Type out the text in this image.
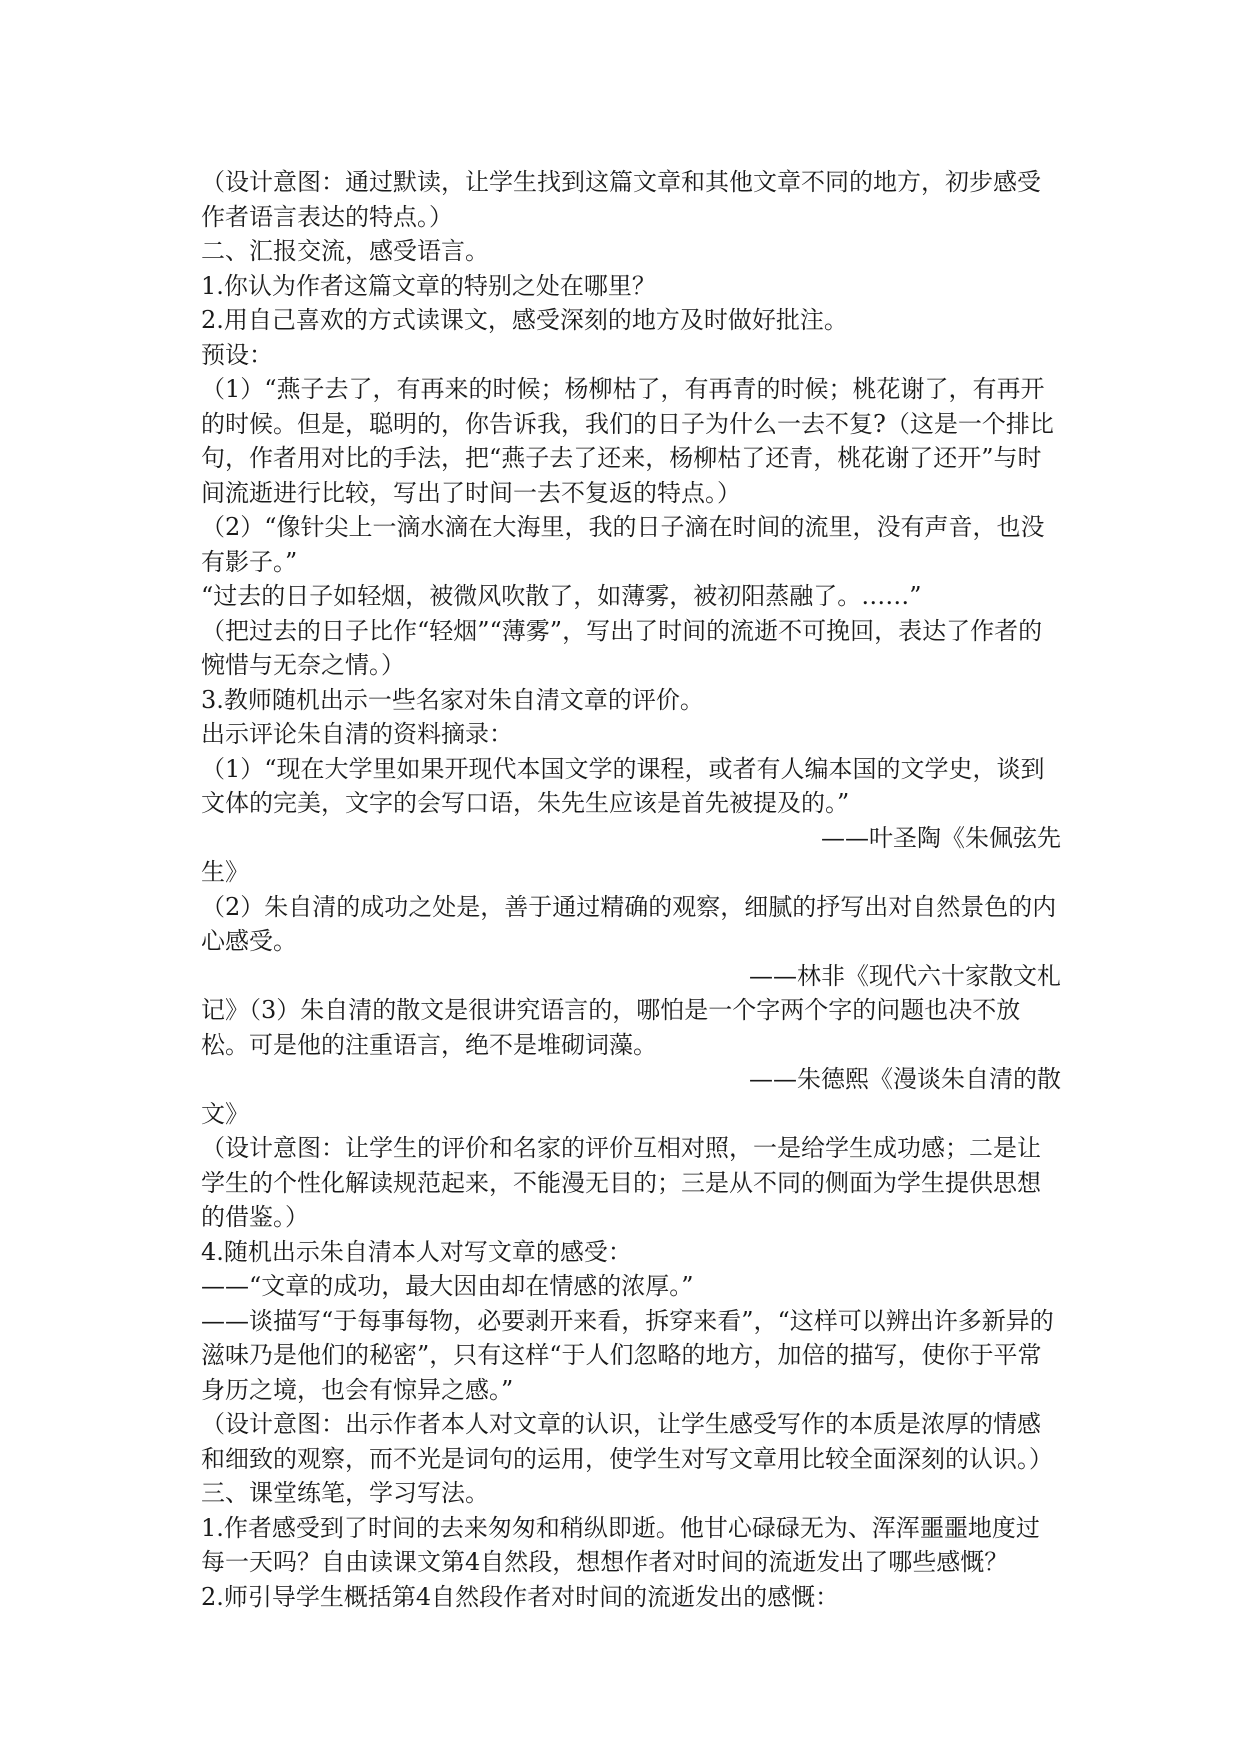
（设计意图：通过默读，让学生找到这篇文章和其他文章不同的地方，初步感受作者语言表达的特点。）

二、汇报交流，感受语言。

1.你认为作者这篇文章的特别之处在哪里？

2.用自己喜欢的方式读课文，感受深刻的地方及时做好批注。

预设：

（1）“燕子去了，有再来的时候；杨柳枯了，有再青的时候；桃花谢了，有再开的时候。但是，聪明的，你告诉我，我们的日子为什么一去不复?（这是一个排比句，作者用对比的手法，把“燕子去了还来，杨柳枯了还青，桃花谢了还开”与时间流逝进行比较，写出了时间一去不复返的特点。）

（2）“像针尖上一滴水滴在大海里，我的日子滴在时间的流里，没有声音，也没有影子。”

“过去的日子如轻烟，被微风吹散了，如薄雾，被初阳蒸融了。……”

（把过去的日子比作“轻烟”“薄雾”，写出了时间的流逝不可挽回，表达了作者的惋惜与无奈之情。）

3.教师随机出示一些名家对朱自清文章的评价。

出示评论朱自清的资料摘录：

（1）“现在大学里如果开现代本国文学的课程，或者有人编本国的文学史，谈到文体的完美，文字的会写口语，朱先生应该是首先被提及的。”

——叶圣陶《朱佩弦先

生》

（2）朱自清的成功之处是，善于通过精确的观察，细腻的抒写出对自然景色的内心感受。

——林非《现代六十家散文札

记》（3）朱自清的散文是很讲究语言的，哪怕是一个字两个字的问题也决不放松。可是他的注重语言，绝不是堆砌词藻。

——朱德熙《漫谈朱自清的散

文》

（设计意图：让学生的评价和名家的评价互相对照，一是给学生成功感；二是让学生的个性化解读规范起来，不能漫无目的；三是从不同的侧面为学生提供思想的借鉴。）

4.随机出示朱自清本人对写文章的感受：

——“文章的成功，最大因由却在情感的浓厚。”

——谈描写“于每事每物，必要剥开来看，拆穿来看”，“这样可以辨出许多新异的滋味乃是他们的秘密”，只有这样“于人们忽略的地方，加倍的描写，使你于平常身历之境，也会有惊异之感。”

（设计意图：出示作者本人对文章的认识，让学生感受写作的本质是浓厚的情感和细致的观察，而不光是词句的运用，使学生对写文章用比较全面深刻的认识。）

三、课堂练笔，学习写法。

1.作者感受到了时间的去来匆匆和稍纵即逝。他甘心碌碌无为、浑浑噩噩地度过每一天吗？自由读课文第4自然段，想想作者对时间的流逝发出了哪些感慨？

2.师引导学生概括第4自然段作者对时间的流逝发出的感慨：
